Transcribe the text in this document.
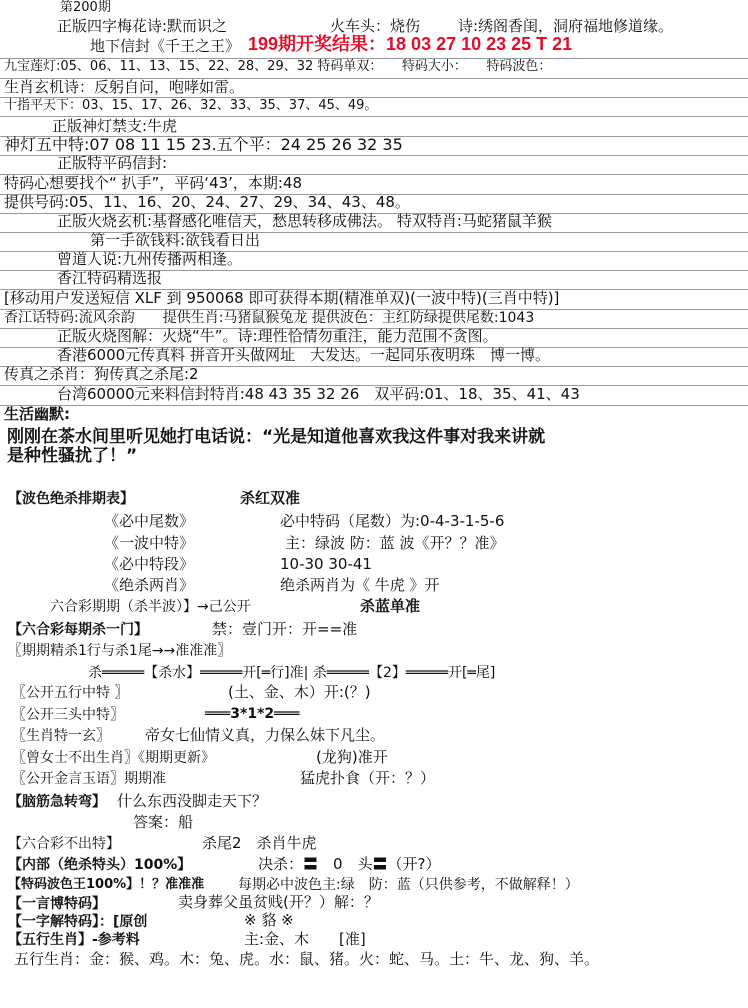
第200期
正版四字梅花诗:默而识之	火车头：烧伤	诗:绣阁香闺，洞府福地修道缘。
地下信封《千王之王》 199期开奖结果：18 03 27 10 23 25 T 21
九宝莲灯:05、06、11、13、15、22、28、29、32 特码单双：　　特码大小：　　特码波色：
生肖玄机诗：反躬自问，咆哮如雷。
十指平天下：03、15、17、26、32、33、35、37、45、49。
正版神灯禁支:牛虎
神灯五中特:07 08 11 15 23.五个平：24 25 26 32 35
正版特平码信封:
特码心想要找个“ 扒手”，平码‘43’，本期:48
提供号码:05、11、16、20、24、27、29、34、43、48。
正版火烧玄机:基督感化唯信天，愁思转移成佛法。 特双特肖:马蛇猪鼠羊猴
第一手欲钱料:欲钱看日出
曾道人说:九州传播两相逢。
香江特码精选报
[移动用户发送短信 XLF 到 950068 即可获得本期(精准单双)(一波中特)(三肖中特)]
香江话特码:流风余韵　　提供生肖:马猪鼠猴兔龙 提供波色：主红防绿提供尾数:1043
正版火烧图解：火烧“牛”。诗:理性恰情勿重注，能力范围不贪图。
香港6000元传真料 拼音开头做网址　大发达。一起同乐夜明珠　博一博。
传真之杀肖：狗传真之杀尾:2
台湾60000元来料信封特肖:48 43 35 32 26　双平码:01、18、35、41、43
生活幽默:
刚刚在茶水间里听见她打电话说：“光是知道他喜欢我这件事对我来讲就
是种性骚扰了！”
【波色绝杀排期表】	杀红双准
《必中尾数》	必中特码（尾数）为:0-4-3-1-5-6
《一波中特》	主：绿波 防：蓝 波《开？？准》
《必中特段》	10-30 30-41
《绝杀两肖》	绝杀两肖为《 牛虎 》开
六合彩期期（杀半波）】→己公开	杀蓝单准
【六合彩每期杀一门】	禁：壹门开：开==准
〖期期精杀1行与杀1尾→→准准准〗
杀═════【杀水】═════开[═行]准| 杀═════【2】═════开[═尾]
〖公开五行中特 〗	(土、金、木）开:(？)
〖公开三头中特〗	═══3*1*2═══
〖生肖特一玄〗 帝女七仙情义真，力保么妹下凡尘。
〖曾女士不出生肖〗《期期更新》	(龙狗)准开
〖公开金言玉语〗期期准	猛虎扑食（开：？）
【脑筋急转弯】 什么东西没脚走天下？
答案：船
【六合彩不出特】	杀尾2　杀肖牛虎
【内部（绝杀特头）100%】	决杀：〓　0　头〓（开?）
【特码波色王100%】！？准准准 每期必中波色主:绿　防：蓝（只供参考，不做解释！）
【一言博特码】	卖身葬父虽贫贱(开？）解：？
【一字解特码】：[原创	※ 貉 ※
【五行生肖】-参考料	主:金、木　　[准]
五行生肖：金：猴、鸡。木：兔、虎。水：鼠、猪。火：蛇、马。土：牛、龙、狗、羊。
